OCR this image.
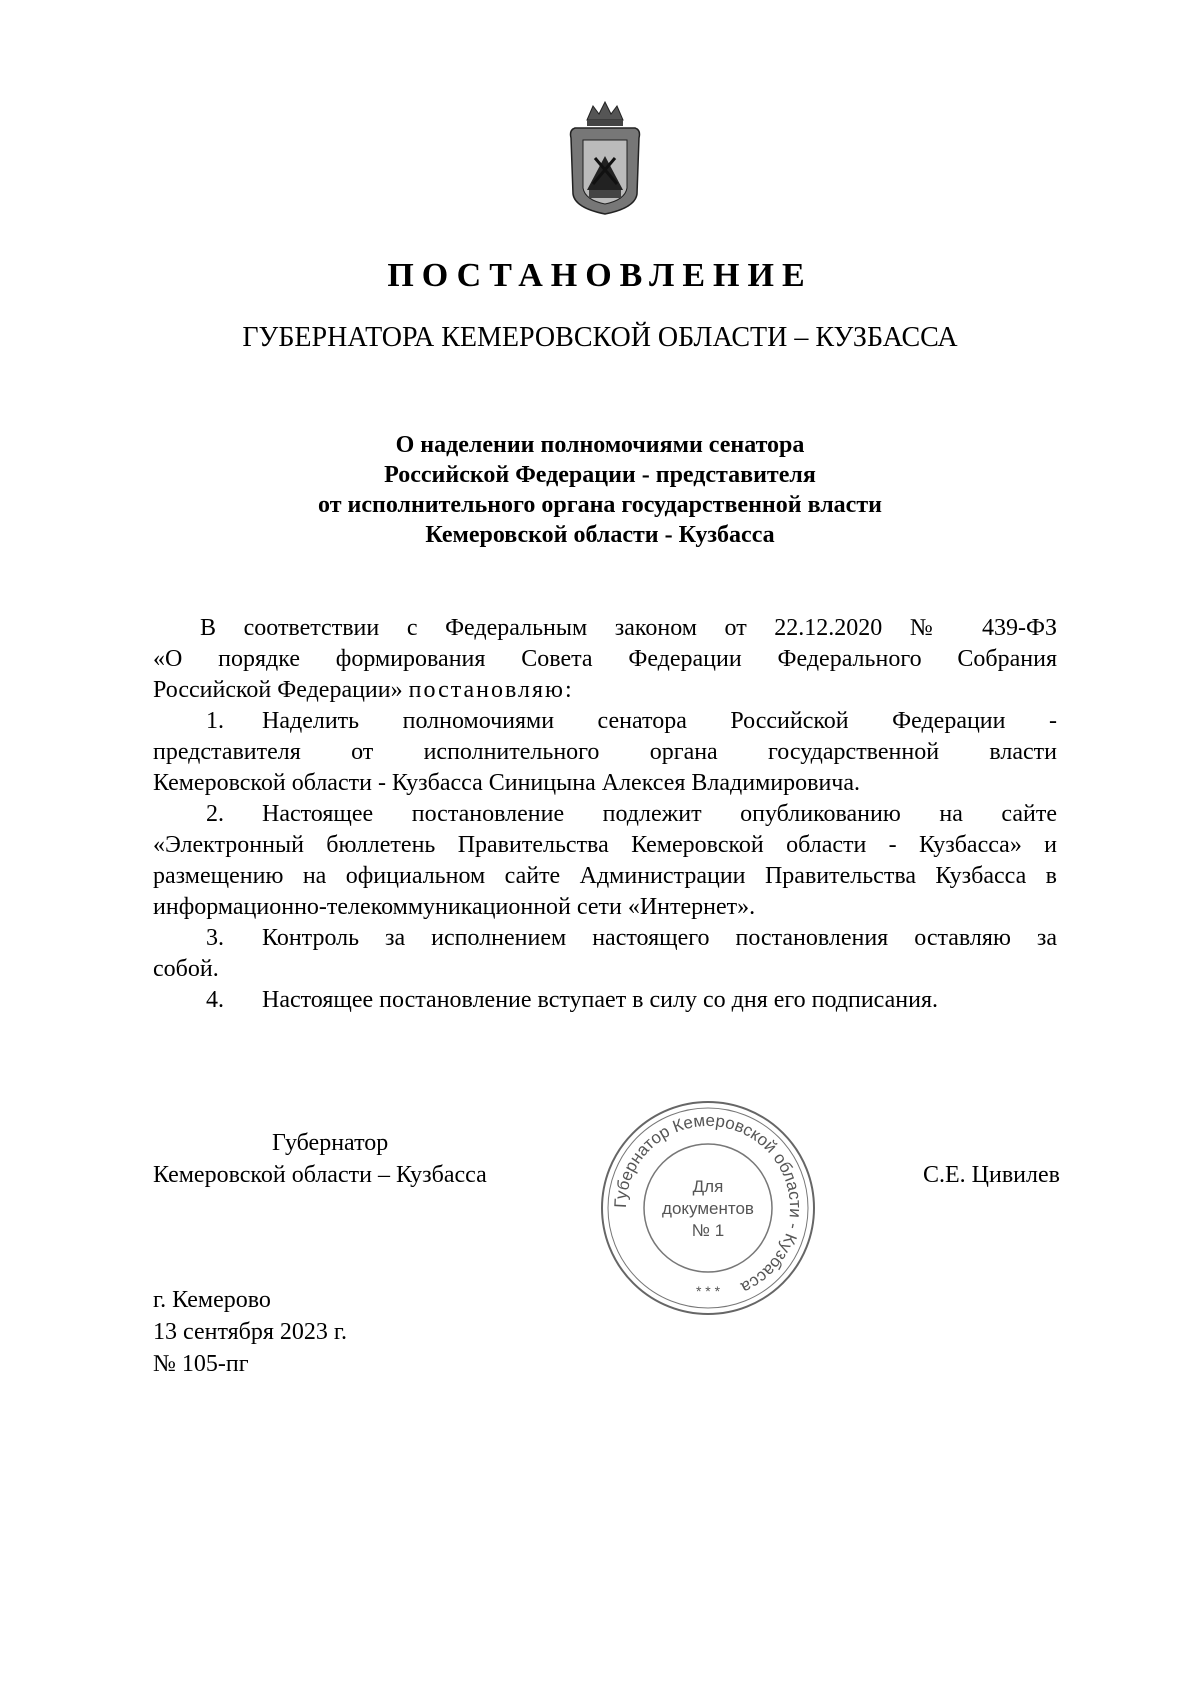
ПОСТАНОВЛЕНИЕ
ГУБЕРНАТОРА КЕМЕРОВСКОЙ ОБЛАСТИ – КУЗБАССА
О наделении полномочиями сенатора
Российской Федерации - представителя
от исполнительного органа государственной власти
Кемеровской области - Кузбасса
В соответствии с Федеральным законом от 22.12.2020 № 439-ФЗ
«О порядке формирования Совета Федерации Федерального Собрания
Российской Федерации» постановляю:
1. Наделить полномочиями сенатора Российской Федерации -
представителя от исполнительного органа государственной власти
Кемеровской области - Кузбасса Синицына Алексея Владимировича.
2. Настоящее постановление подлежит опубликованию на сайте
«Электронный бюллетень Правительства Кемеровской области - Кузбасса» и
размещению на официальном сайте Администрации Правительства Кузбасса в
информационно-телекоммуникационной сети «Интернет».
3. Контроль за исполнением настоящего постановления оставляю за
собой.
4. Настоящее постановление вступает в силу со дня его подписания.
Губернатор
Кемеровской области – Кузбасса	С.Е. Цивилев
Губернатор Кемеровской области - Кузбасса
Для
документов
№ 1
* * *
г. Кемерово
13 сентября 2023 г.
№ 105-пг
